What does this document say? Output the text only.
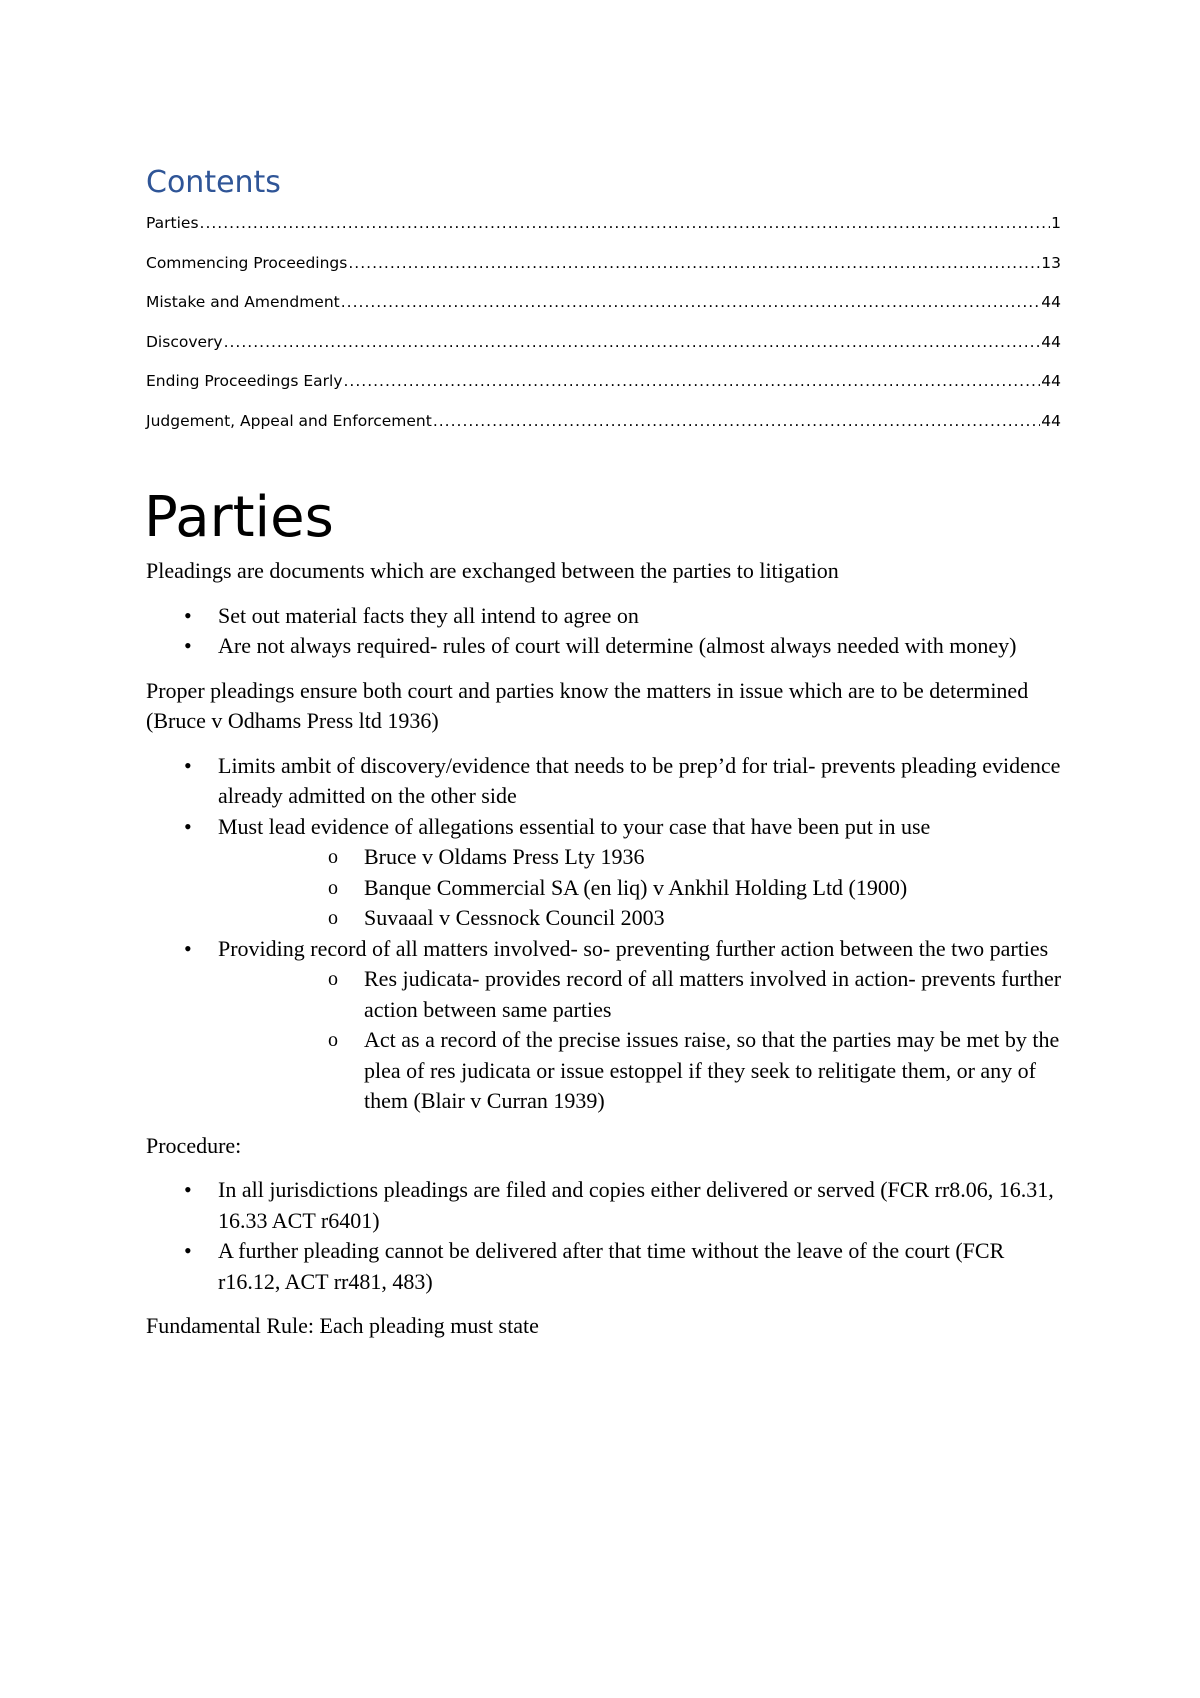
Contents
Parties .....	1
Commencing Proceedings .....	13
Mistake and Amendment .....	44
Discovery .....	44
Ending Proceedings Early .....	44
Judgement, Appeal and Enforcement .....	44
Parties

Pleadings are documents which are exchanged between the parties to litigation

• Set out material facts they all intend to agree on
• Are not always required- rules of court will determine (almost always needed with money)

Proper pleadings ensure both court and parties know the matters in issue which are to be determined (Bruce v Odhams Press ltd 1936)

• Limits ambit of discovery/evidence that needs to be prep’d for trial- prevents pleading evidence already admitted on the other side
• Must lead evidence of allegations essential to your case that have been put in use
o Bruce v Oldams Press Lty 1936
o Banque Commercial SA (en liq) v Ankhil Holding Ltd (1900)
o Suvaaal v Cessnock Council 2003
• Providing record of all matters involved- so- preventing further action between the two parties
o Res judicata- provides record of all matters involved in action- prevents further action between same parties
o Act as a record of the precise issues raise, so that the parties may be met by the plea of res judicata or issue estoppel if they seek to relitigate them, or any of them (Blair v Curran 1939)

Procedure:

• In all jurisdictions pleadings are filed and copies either delivered or served (FCR rr8.06, 16.31, 16.33 ACT r6401)
• A further pleading cannot be delivered after that time without the leave of the court (FCR r16.12, ACT rr481, 483)

Fundamental Rule: Each pleading must state
